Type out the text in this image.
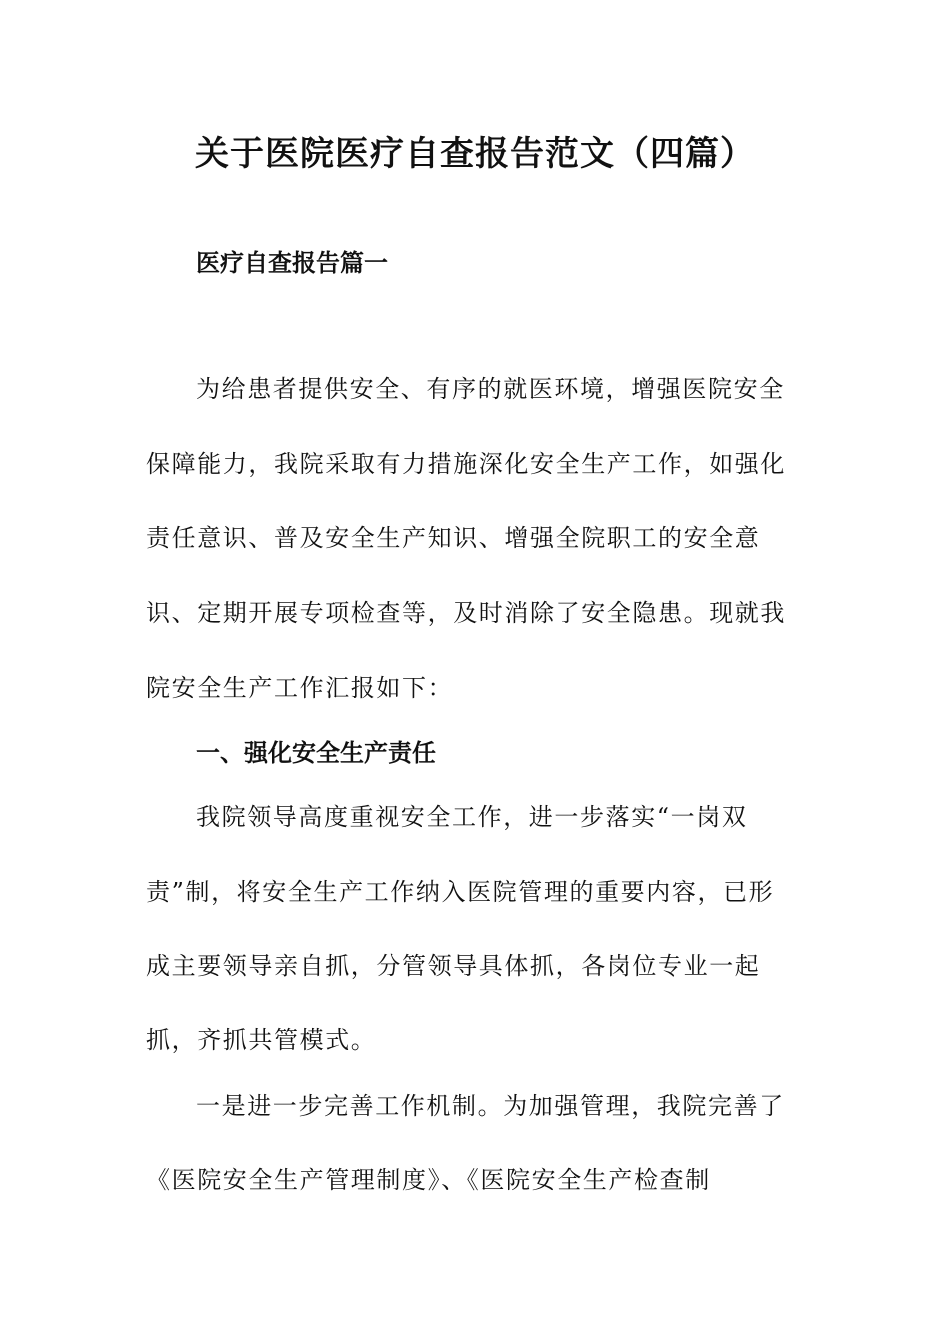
关于医院医疗自查报告范文（四篇）
医疗自查报告篇一

为给患者提供安全、有序的就医环境，增强医院安全

保障能力，我院采取有力措施深化安全生产工作，如强化

责任意识、普及安全生产知识、增强全院职工的安全意

识、定期开展专项检查等，及时消除了安全隐患。现就我

院安全生产工作汇报如下：

一、强化安全生产责任

我院领导高度重视安全工作，进一步落实“一岗双

责”制，将安全生产工作纳入医院管理的重要内容，已形

成主要领导亲自抓，分管领导具体抓，各岗位专业一起

抓，齐抓共管模式。

一是进一步完善工作机制。为加强管理，我院完善了

《医院安全生产管理制度》、《医院安全生产检查制
